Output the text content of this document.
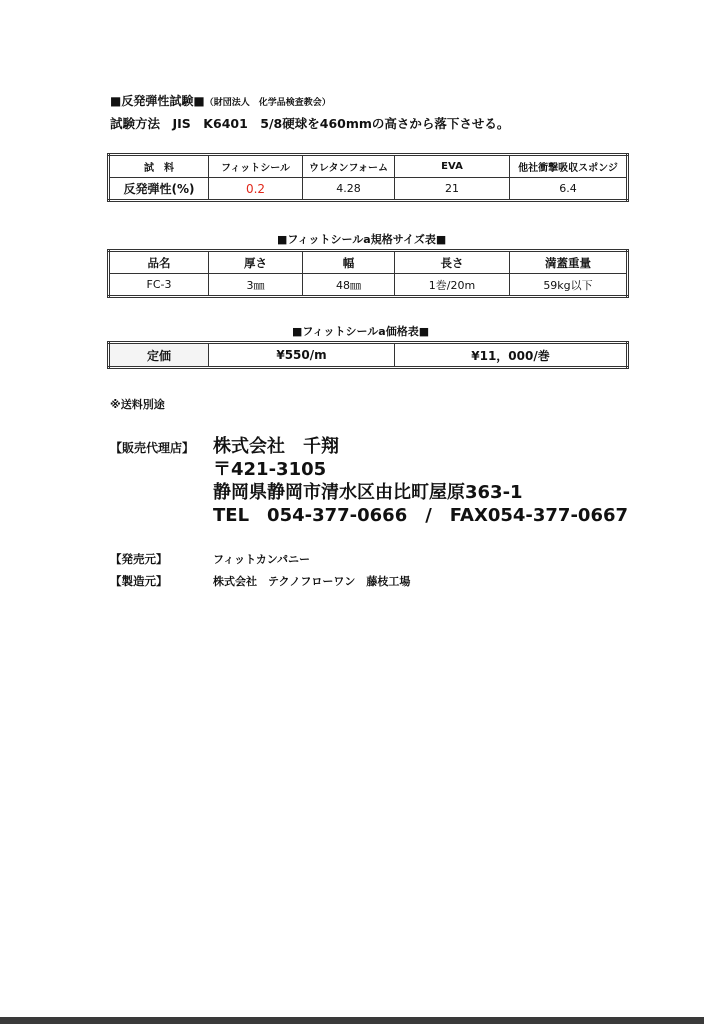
■反発弾性試験■（財団法人　化学品検査教会）
試験方法　JIS　K6401　5/8硬球を460mmの高さから落下させる。
試　料	フィットシール	ウレタンフォーム	EVA	他社衝撃吸収スポンジ
反発弾性(%)	0.2	4.28	21	6.4
■フィットシールa規格サイズ表■
品名	厚さ	幅	長さ	満蓋重量
FC-3	3㎜	48㎜	1巻/20m	59kg以下
■フィットシールa価格表■
定価	¥550/m	¥11，000/巻
※送料別途
【販売代理店】 株式会社　千翔
〒421-3105
静岡県静岡市清水区由比町屋原363-1
TEL　054-377-0666　/　FAX054-377-0667
【発売元】	フィットカンパニー
【製造元】	株式会社　テクノフローワン　藤枝工場
